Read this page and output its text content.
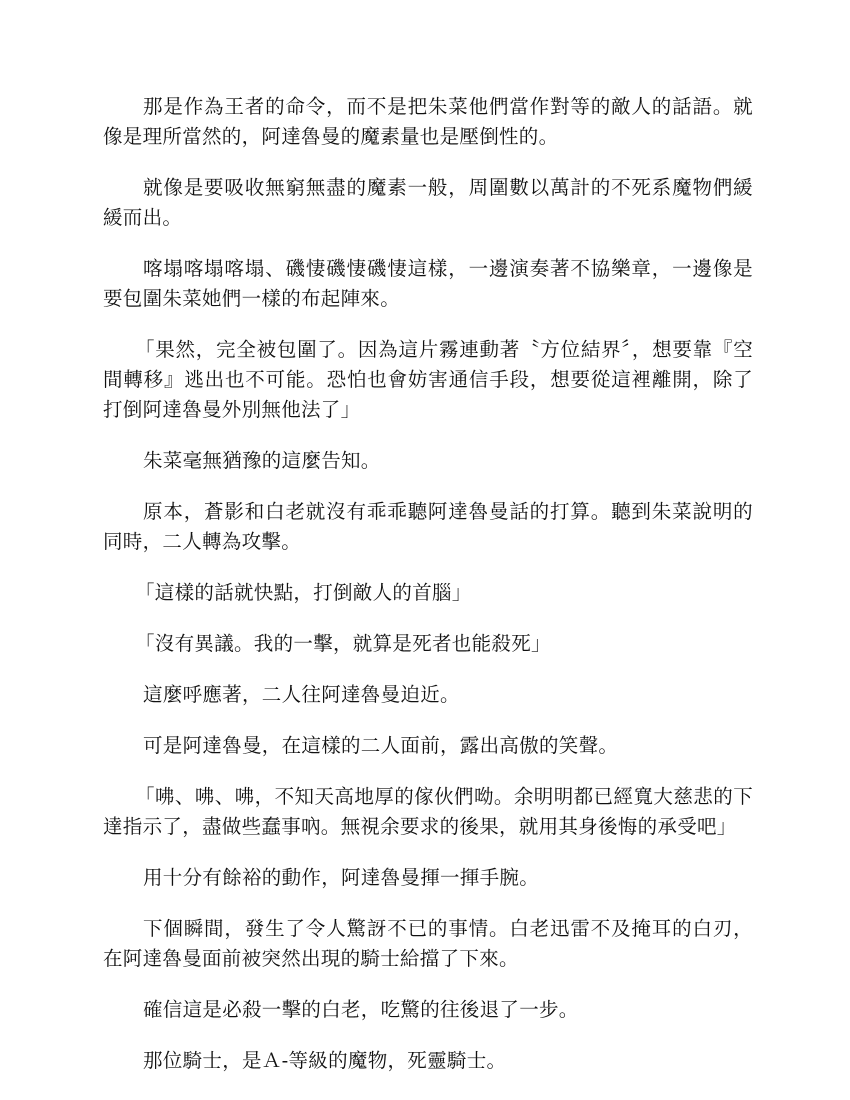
那是作為王者的命令，而不是把朱菜他們當作對等的敵人的話語。就像是理所當然的，阿達魯曼的魔素量也是壓倒性的。

就像是要吸收無窮無盡的魔素一般，周圍數以萬計的不死系魔物們緩緩而出。

喀塌喀塌喀塌、磯悽磯悽磯悽這樣，一邊演奏著不協樂章，一邊像是要包圍朱菜她們一樣的布起陣來。

「果然，完全被包圍了。因為這片霧連動著〝方位結界〞，想要靠『空間轉移』逃出也不可能。恐怕也會妨害通信手段，想要從這裡離開，除了打倒阿達魯曼外別無他法了」

朱菜毫無猶豫的這麼告知。

原本，蒼影和白老就沒有乖乖聽阿達魯曼話的打算。聽到朱菜說明的同時，二人轉為攻擊。

「這樣的話就快點，打倒敵人的首腦」

「沒有異議。我的一擊，就算是死者也能殺死」

這麼呼應著，二人往阿達魯曼迫近。

可是阿達魯曼，在這樣的二人面前，露出高傲的笑聲。

「咈、咈、咈，不知天高地厚的傢伙們呦。余明明都已經寬大慈悲的下達指示了，盡做些蠢事吶。無視余要求的後果，就用其身後悔的承受吧」

用十分有餘裕的動作，阿達魯曼揮一揮手腕。

下個瞬間，發生了令人驚訝不已的事情。白老迅雷不及掩耳的白刃，在阿達魯曼面前被突然出現的騎士給擋了下來。

確信這是必殺一擊的白老，吃驚的往後退了一步。

那位騎士，是Ａ-等級的魔物，死靈騎士。
